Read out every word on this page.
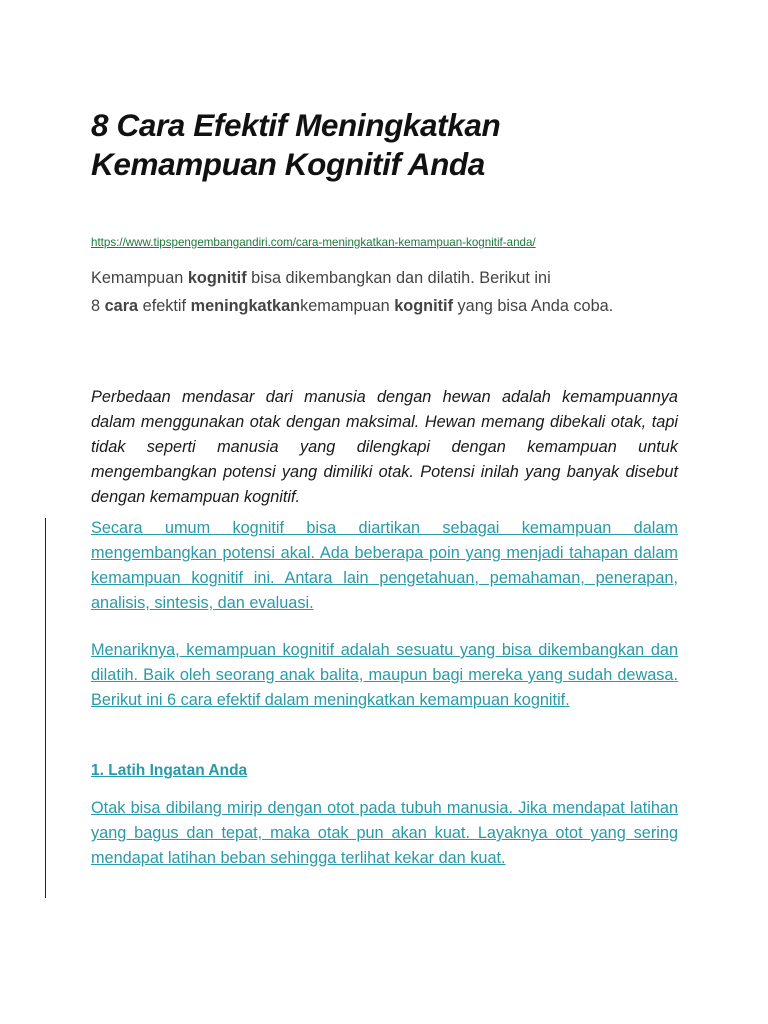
8 Cara Efektif Meningkatkan
Kemampuan Kognitif Anda
https://www.tipspengembangandiri.com/cara-meningkatkan-kemampuan-kognitif-anda/
Kemampuan kognitif bisa dikembangkan dan dilatih. Berikut ini
8 cara efektif meningkatkankemampuan kognitif yang bisa Anda coba.

Perbedaan mendasar dari manusia dengan hewan adalah kemampuannya dalam menggunakan otak dengan maksimal. Hewan memang dibekali otak, tapi tidak seperti manusia yang dilengkapi dengan kemampuan untuk mengembangkan potensi yang dimiliki otak. Potensi inilah yang banyak disebut dengan kemampuan kognitif.

Secara umum kognitif bisa diartikan sebagai kemampuan dalam mengembangkan potensi akal. Ada beberapa poin yang menjadi tahapan dalam kemampuan kognitif ini. Antara lain pengetahuan, pemahaman, penerapan, analisis, sintesis, dan evaluasi.
Menariknya, kemampuan kognitif adalah sesuatu yang bisa dikembangkan dan dilatih. Baik oleh seorang anak balita, maupun bagi mereka yang sudah dewasa. Berikut ini 6 cara efektif dalam meningkatkan kemampuan kognitif.
1. Latih Ingatan Anda
Otak bisa dibilang mirip dengan otot pada tubuh manusia. Jika mendapat latihan yang bagus dan tepat, maka otak pun akan kuat. Layaknya otot yang sering mendapat latihan beban sehingga terlihat kekar dan kuat.
